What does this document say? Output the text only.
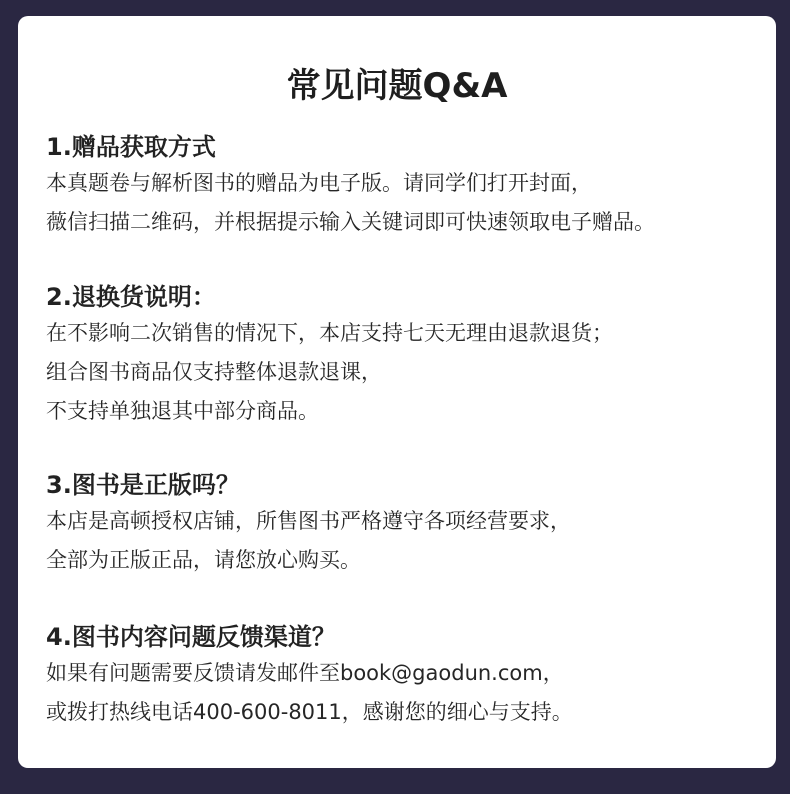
常见问题Q&A

1.赠品获取方式

本真题卷与解析图书的赠品为电子版。请同学们打开封面，

薇信扫描二维码，并根据提示输入关键词即可快速领取电子赠品。

2.退换货说明：

在不影响二次销售的情况下，本店支持七天无理由退款退货；

组合图书商品仅支持整体退款退课，

不支持单独退其中部分商品。

3.图书是正版吗？

本店是高顿授权店铺，所售图书严格遵守各项经营要求，

全部为正版正品，请您放心购买。

4.图书内容问题反馈渠道？

如果有问题需要反馈请发邮件至book@gaodun.com，

或拨打热线电话400-600-8011，感谢您的细心与支持。
